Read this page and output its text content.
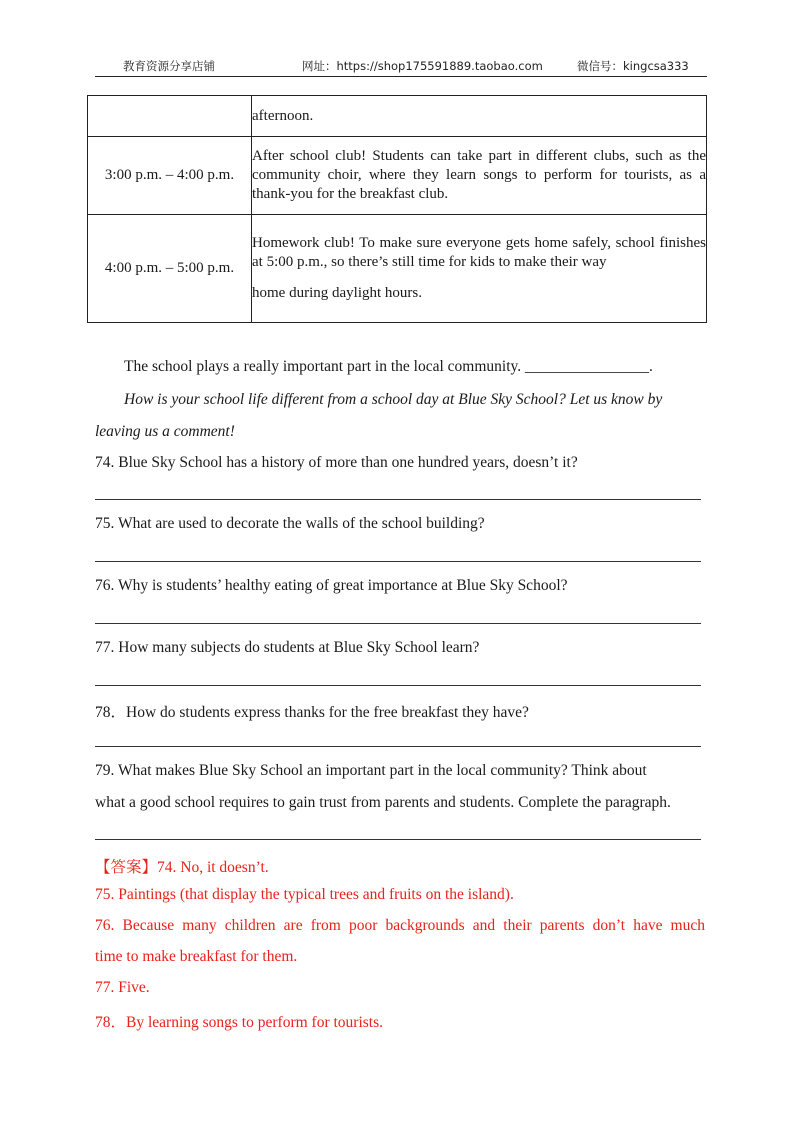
教育资源分享店铺	网址：https://shop175591889.taobao.com	微信号：kingcsa333

	afternoon.

3:00 p.m. – 4:00 p.m.	After school club! Students can take part in different clubs, such as the community choir, where they learn songs to perform for tourists, as a thank-you for the breakfast club.

4:00 p.m. – 5:00 p.m.	Homework club! To make sure everyone gets home safely, school finishes at 5:00 p.m., so there’s still time for kids to make their way

home during daylight hours.

The school plays a really important part in the local community. ________________.
How is your school life different from a school day at Blue Sky School? Let us know by
leaving us a comment!
74. Blue Sky School has a history of more than one hundred years, doesn’t it?
75. What are used to decorate the walls of the school building?
76. Why is students’ healthy eating of great importance at Blue Sky School?
77. How many subjects do students at Blue Sky School learn?
78．How do students express thanks for the free breakfast they have?
79. What makes Blue Sky School an important part in the local community? Think about
what a good school requires to gain trust from parents and students. Complete the paragraph.
【答案】74. No, it doesn’t.
75. Paintings (that display the typical trees and fruits on the island).
76. Because many children are from poor backgrounds and their parents don’t have much
time to make breakfast for them.
77. Five.
78．By learning songs to perform for tourists.
